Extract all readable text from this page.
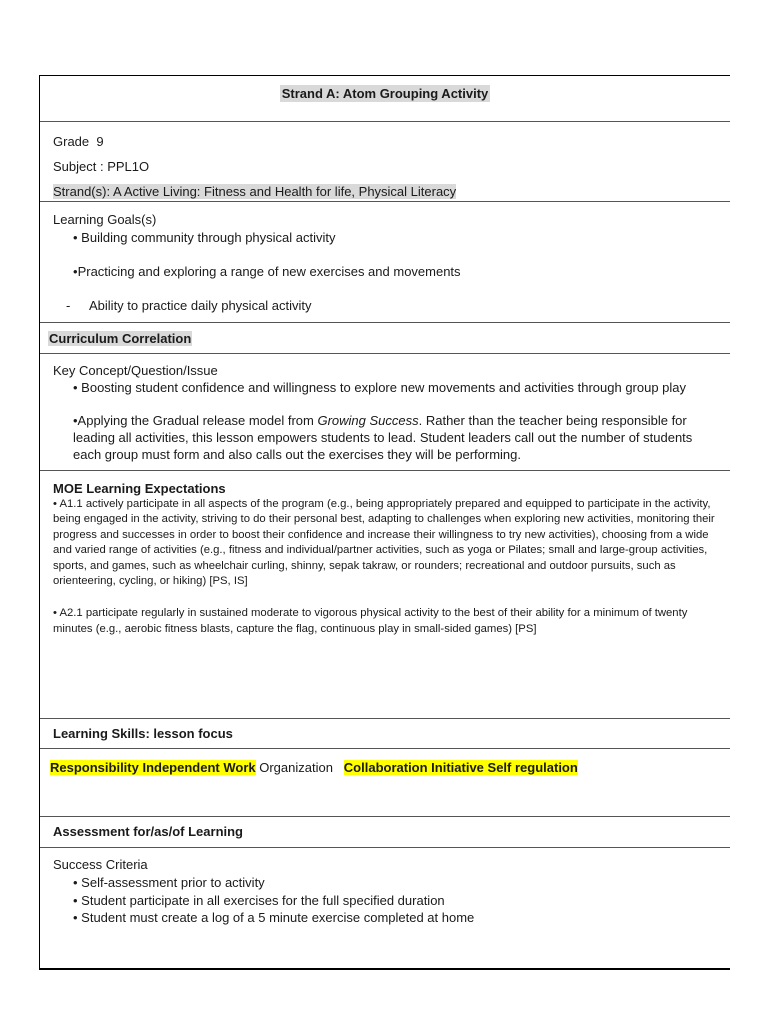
Strand A: Atom Grouping Activity
Grade  9
Subject : PPL1O
Strand(s): A Active Living: Fitness and Health for life, Physical Literacy
Learning Goals(s)
• Building community through physical activity
•Practicing and exploring a range of new exercises and movements
- Ability to practice daily physical activity
Curriculum Correlation
Key Concept/Question/Issue
• Boosting student confidence and willingness to explore new movements and activities through group play
•Applying the Gradual release model from Growing Success. Rather than the teacher being responsible for leading all activities, this lesson empowers students to lead. Student leaders call out the number of students each group must form and also calls out the exercises they will be performing.
MOE Learning Expectations
• A1.1 actively participate in all aspects of the program (e.g., being appropriately prepared and equipped to participate in the activity, being engaged in the activity, striving to do their personal best, adapting to challenges when exploring new activities, monitoring their progress and successes in order to boost their confidence and increase their willingness to try new activities), choosing from a wide and varied range of activities (e.g., fitness and individual/partner activities, such as yoga or Pilates; small and large-group activities, sports, and games, such as wheelchair curling, shinny, sepak takraw, or rounders; recreational and outdoor pursuits, such as orienteering, cycling, or hiking) [PS, IS]
• A2.1 participate regularly in sustained moderate to vigorous physical activity to the best of their ability for a minimum of twenty minutes (e.g., aerobic fitness blasts, capture the flag, continuous play in small-sided games) [PS]
Learning Skills: lesson focus
Responsibility Independent Work Organization   Collaboration Initiative Self regulation
Assessment for/as/of Learning
Success Criteria
• Self-assessment prior to activity
• Student participate in all exercises for the full specified duration
• Student must create a log of a 5 minute exercise completed at home
